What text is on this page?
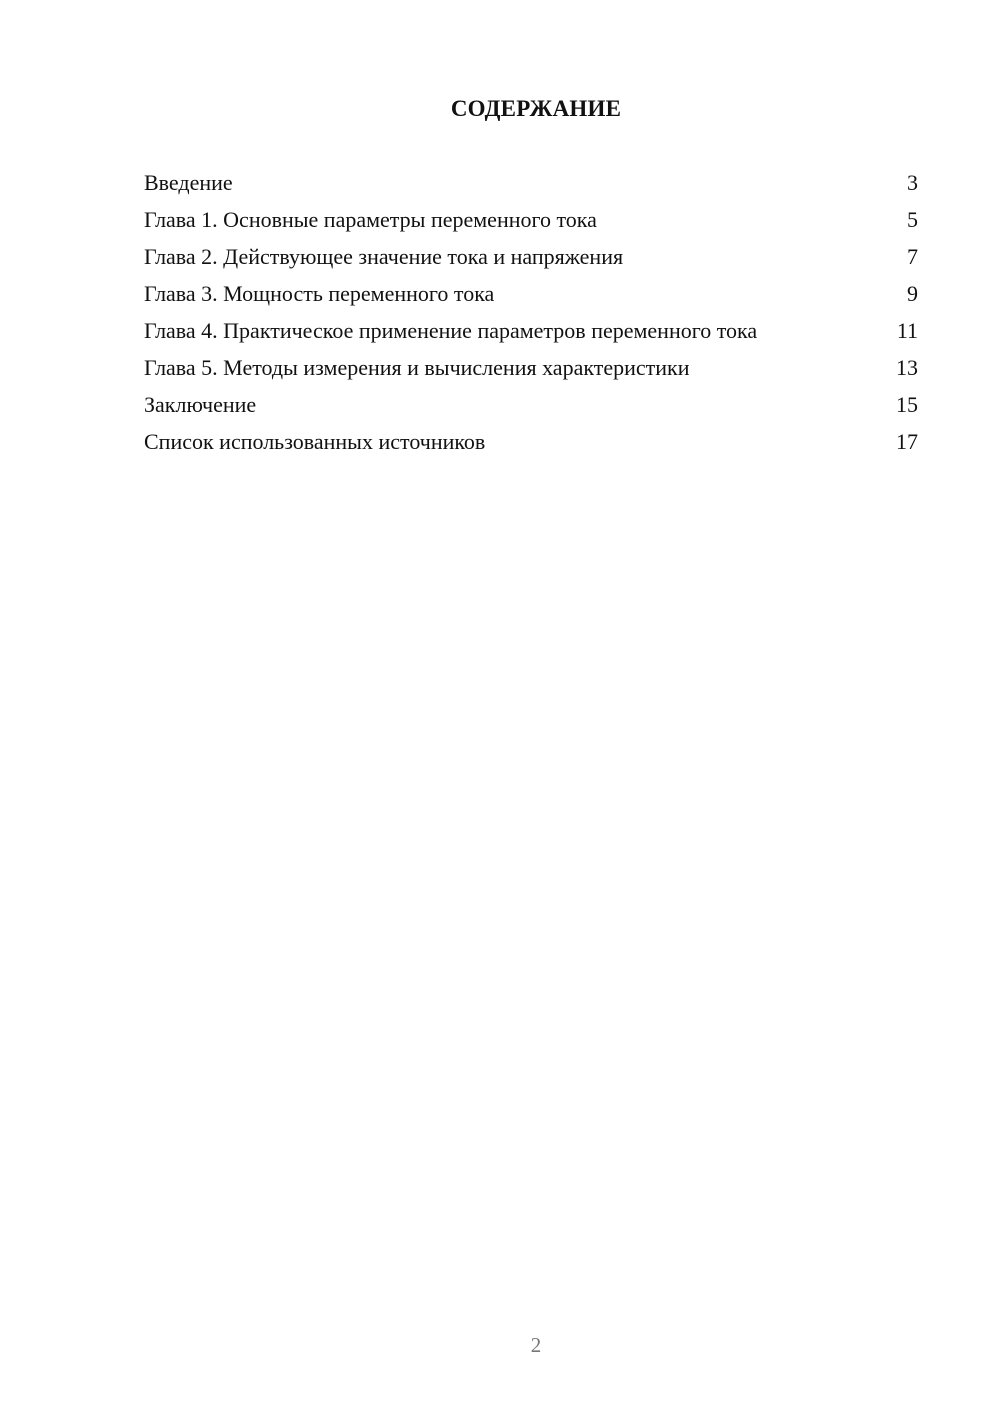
СОДЕРЖАНИЕ
Введение	3
Глава 1. Основные параметры переменного тока	5
Глава 2. Действующее значение тока и напряжения	7
Глава 3. Мощность переменного тока	9
Глава 4. Практическое применение параметров переменного тока	11
Глава 5. Методы измерения и вычисления характеристики	13
Заключение	15
Список использованных источников	17
2
